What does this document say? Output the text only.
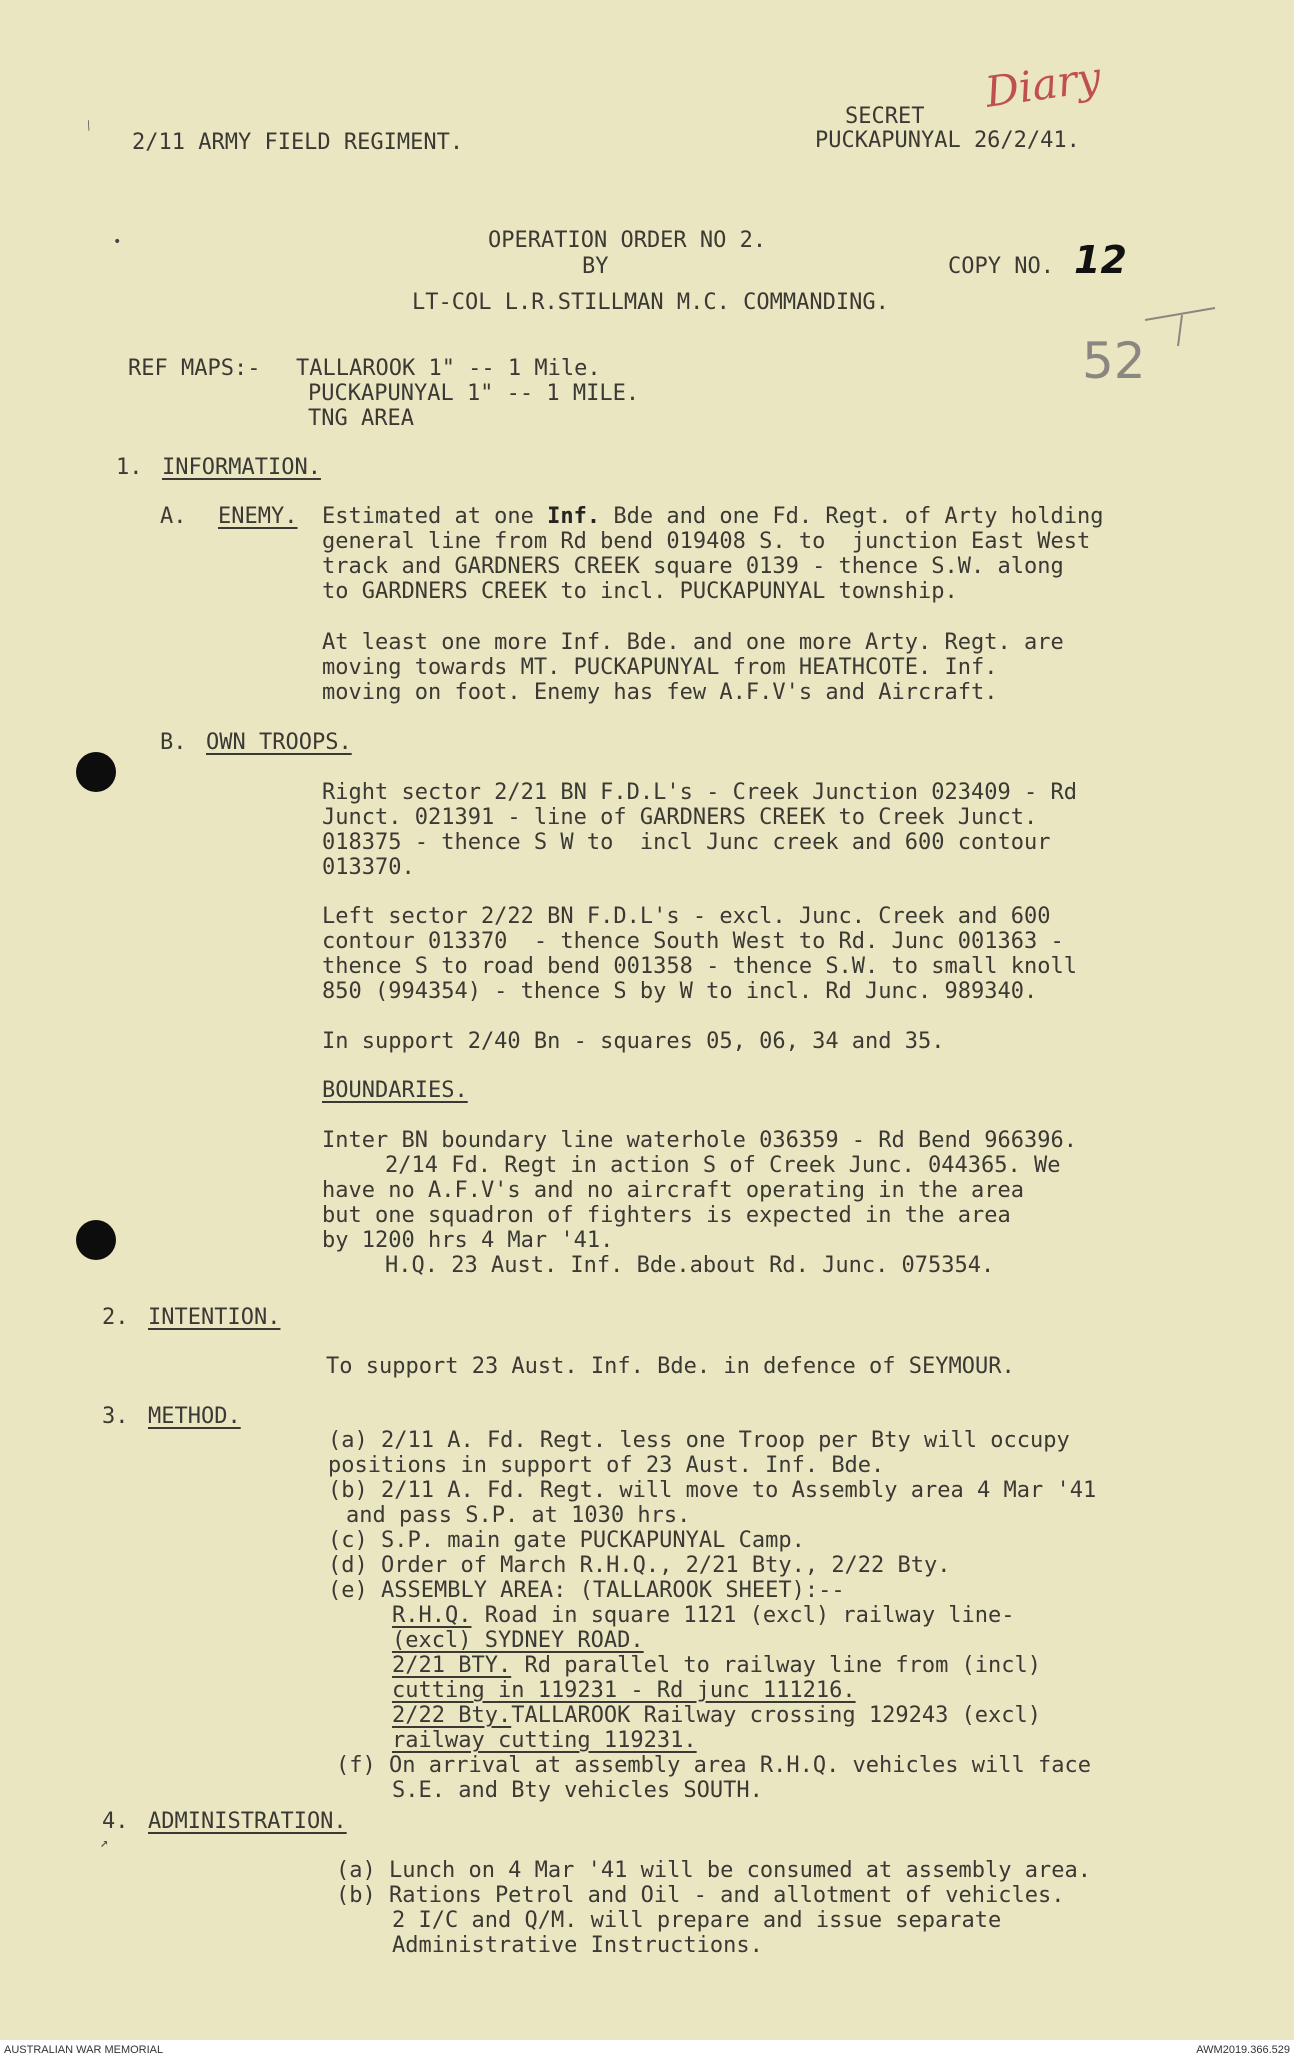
⁄
•
↗
2/11 ARMY FIELD REGIMENT.
SECRET
PUCKAPUNYAL 26/2/41.
Diary
52
OPERATION ORDER NO 2.
BY
LT-COL L.R.STILLMAN M.C. COMMANDING.
COPY NO. 12
REF MAPS:- TALLAROOK 1" -- 1 Mile.
PUCKAPUNYAL 1" -- 1 MILE.
TNG AREA
1. INFORMATION.
A. ENEMY. Estimated at one Inf. Bde and one Fd. Regt. of Arty holding
general line from Rd bend 019408 S. to  junction East West
track and GARDNERS CREEK square 0139 - thence S.W. along
to GARDNERS CREEK to incl. PUCKAPUNYAL township.
At least one more Inf. Bde. and one more Arty. Regt. are
moving towards MT. PUCKAPUNYAL from HEATHCOTE. Inf.
moving on foot. Enemy has few A.F.V's and Aircraft.
B. OWN TROOPS.
Right sector 2/21 BN F.D.L's - Creek Junction 023409 - Rd
Junct. 021391 - line of GARDNERS CREEK to Creek Junct.
018375 - thence S W to  incl Junc creek and 600 contour
013370.
Left sector 2/22 BN F.D.L's - excl. Junc. Creek and 600
contour 013370  - thence South West to Rd. Junc 001363 -
thence S to road bend 001358 - thence S.W. to small knoll
850 (994354) - thence S by W to incl. Rd Junc. 989340.
In support 2/40 Bn - squares 05, 06, 34 and 35.
BOUNDARIES.
Inter BN boundary line waterhole 036359 - Rd Bend 966396.
2/14 Fd. Regt in action S of Creek Junc. 044365. We
have no A.F.V's and no aircraft operating in the area
but one squadron of fighters is expected in the area
by 1200 hrs 4 Mar '41.
H.Q. 23 Aust. Inf. Bde.about Rd. Junc. 075354.
2. INTENTION.
To support 23 Aust. Inf. Bde. in defence of SEYMOUR.
3. METHOD.
(a) 2/11 A. Fd. Regt. less one Troop per Bty will occupy
positions in support of 23 Aust. Inf. Bde.
(b) 2/11 A. Fd. Regt. will move to Assembly area 4 Mar '41
and pass S.P. at 1030 hrs.
(c) S.P. main gate PUCKAPUNYAL Camp.
(d) Order of March R.H.Q., 2/21 Bty., 2/22 Bty.
(e) ASSEMBLY AREA: (TALLAROOK SHEET):--
R.H.Q. Road in square 1121 (excl) railway line-
(excl) SYDNEY ROAD.
2/21 BTY. Rd parallel to railway line from (incl)
cutting in 119231 - Rd junc 111216.
2/22 Bty.TALLAROOK Railway crossing 129243 (excl)
railway cutting 119231.
(f) On arrival at assembly area R.H.Q. vehicles will face
S.E. and Bty vehicles SOUTH.
4. ADMINISTRATION.
(a) Lunch on 4 Mar '41 will be consumed at assembly area.
(b) Rations Petrol and Oil - and allotment of vehicles.
2 I/C and Q/M. will prepare and issue separate
Administrative Instructions.
AUSTRALIAN WAR MEMORIAL	AWM2019.366.529
